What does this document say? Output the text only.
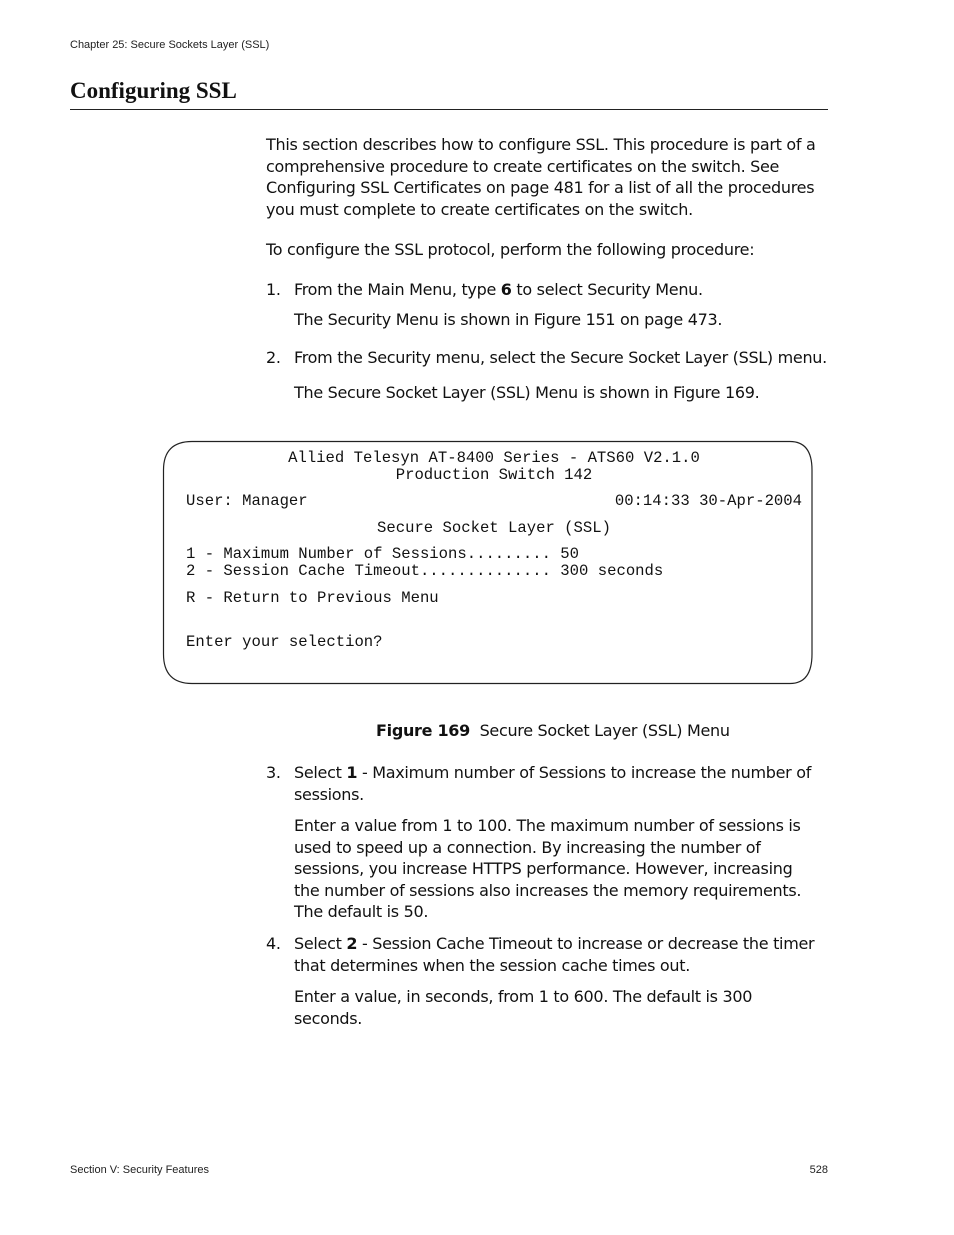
Chapter 25: Secure Sockets Layer (SSL)
Configuring SSL
This section describes how to configure SSL. This procedure is part of a
comprehensive procedure to create certificates on the switch. See
Configuring SSL Certificates on page 481 for a list of all the procedures
you must complete to create certificates on the switch.
To configure the SSL protocol, perform the following procedure:
1. From the Main Menu, type 6 to select Security Menu.
The Security Menu is shown in Figure 151 on page 473.
2. From the Security menu, select the Secure Socket Layer (SSL) menu.
The Secure Socket Layer (SSL) Menu is shown in Figure 169.
Allied Telesyn AT-8400 Series - ATS60 V2.1.0
Production Switch 142
User: Manager	00:14:33 30-Apr-2004
Secure Socket Layer (SSL)
1 - Maximum Number of Sessions......... 50
2 - Session Cache Timeout.............. 300 seconds
R - Return to Previous Menu
Enter your selection?
Figure 169 Secure Socket Layer (SSL) Menu
3. Select 1 - Maximum number of Sessions to increase the number of
sessions.
Enter a value from 1 to 100. The maximum number of sessions is
used to speed up a connection. By increasing the number of
sessions, you increase HTTPS performance. However, increasing
the number of sessions also increases the memory requirements.
The default is 50.
4. Select 2 - Session Cache Timeout to increase or decrease the timer
that determines when the session cache times out.
Enter a value, in seconds, from 1 to 600. The default is 300
seconds.
Section V: Security Features	528
